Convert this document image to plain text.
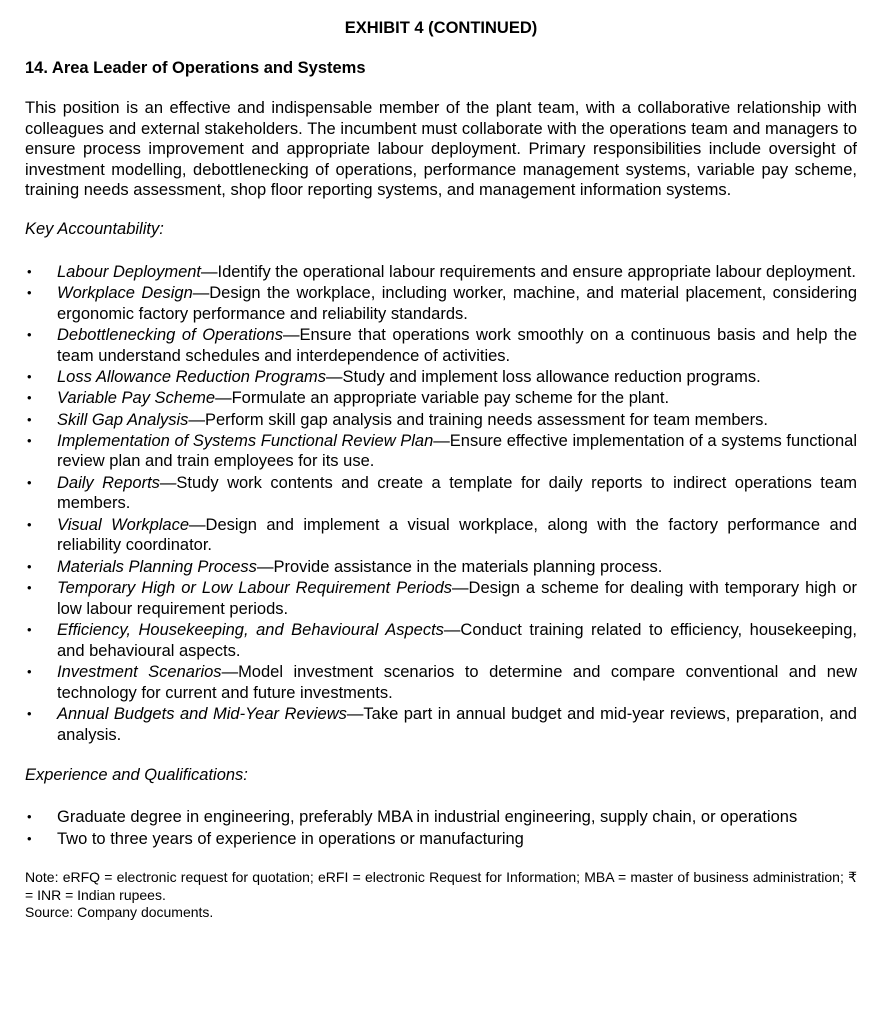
EXHIBIT 4 (CONTINUED)
14. Area Leader of Operations and Systems

This position is an effective and indispensable member of the plant team, with a collaborative relationship with colleagues and external stakeholders. The incumbent must collaborate with the operations team and managers to ensure process improvement and appropriate labour deployment. Primary responsibilities include oversight of investment modelling, debottlenecking of operations, performance management systems, variable pay scheme, training needs assessment, shop floor reporting systems, and management information systems.

Key Accountability:

•	Labour Deployment—Identify the operational labour requirements and ensure appropriate labour deployment.
•	Workplace Design—Design the workplace, including worker, machine, and material placement, considering ergonomic factory performance and reliability standards.
•	Debottlenecking of Operations—Ensure that operations work smoothly on a continuous basis and help the team understand schedules and interdependence of activities.
•	Loss Allowance Reduction Programs—Study and implement loss allowance reduction programs.
•	Variable Pay Scheme—Formulate an appropriate variable pay scheme for the plant.
•	Skill Gap Analysis—Perform skill gap analysis and training needs assessment for team members.
•	Implementation of Systems Functional Review Plan—Ensure effective implementation of a systems functional review plan and train employees for its use.
•	Daily Reports—Study work contents and create a template for daily reports to indirect operations team members.
•	Visual Workplace—Design and implement a visual workplace, along with the factory performance and reliability coordinator.
•	Materials Planning Process—Provide assistance in the materials planning process.
•	Temporary High or Low Labour Requirement Periods—Design a scheme for dealing with temporary high or low labour requirement periods.
•	Efficiency, Housekeeping, and Behavioural Aspects—Conduct training related to efficiency, housekeeping, and behavioural aspects.
•	Investment Scenarios—Model investment scenarios to determine and compare conventional and new technology for current and future investments.
•	Annual Budgets and Mid-Year Reviews—Take part in annual budget and mid-year reviews, preparation, and analysis.

Experience and Qualifications:

•	Graduate degree in engineering, preferably MBA in industrial engineering, supply chain, or operations
•	Two to three years of experience in operations or manufacturing

Note: eRFQ = electronic request for quotation; eRFI = electronic Request for Information; MBA = master of business administration; ₹ = INR = Indian rupees.

Source: Company documents.
